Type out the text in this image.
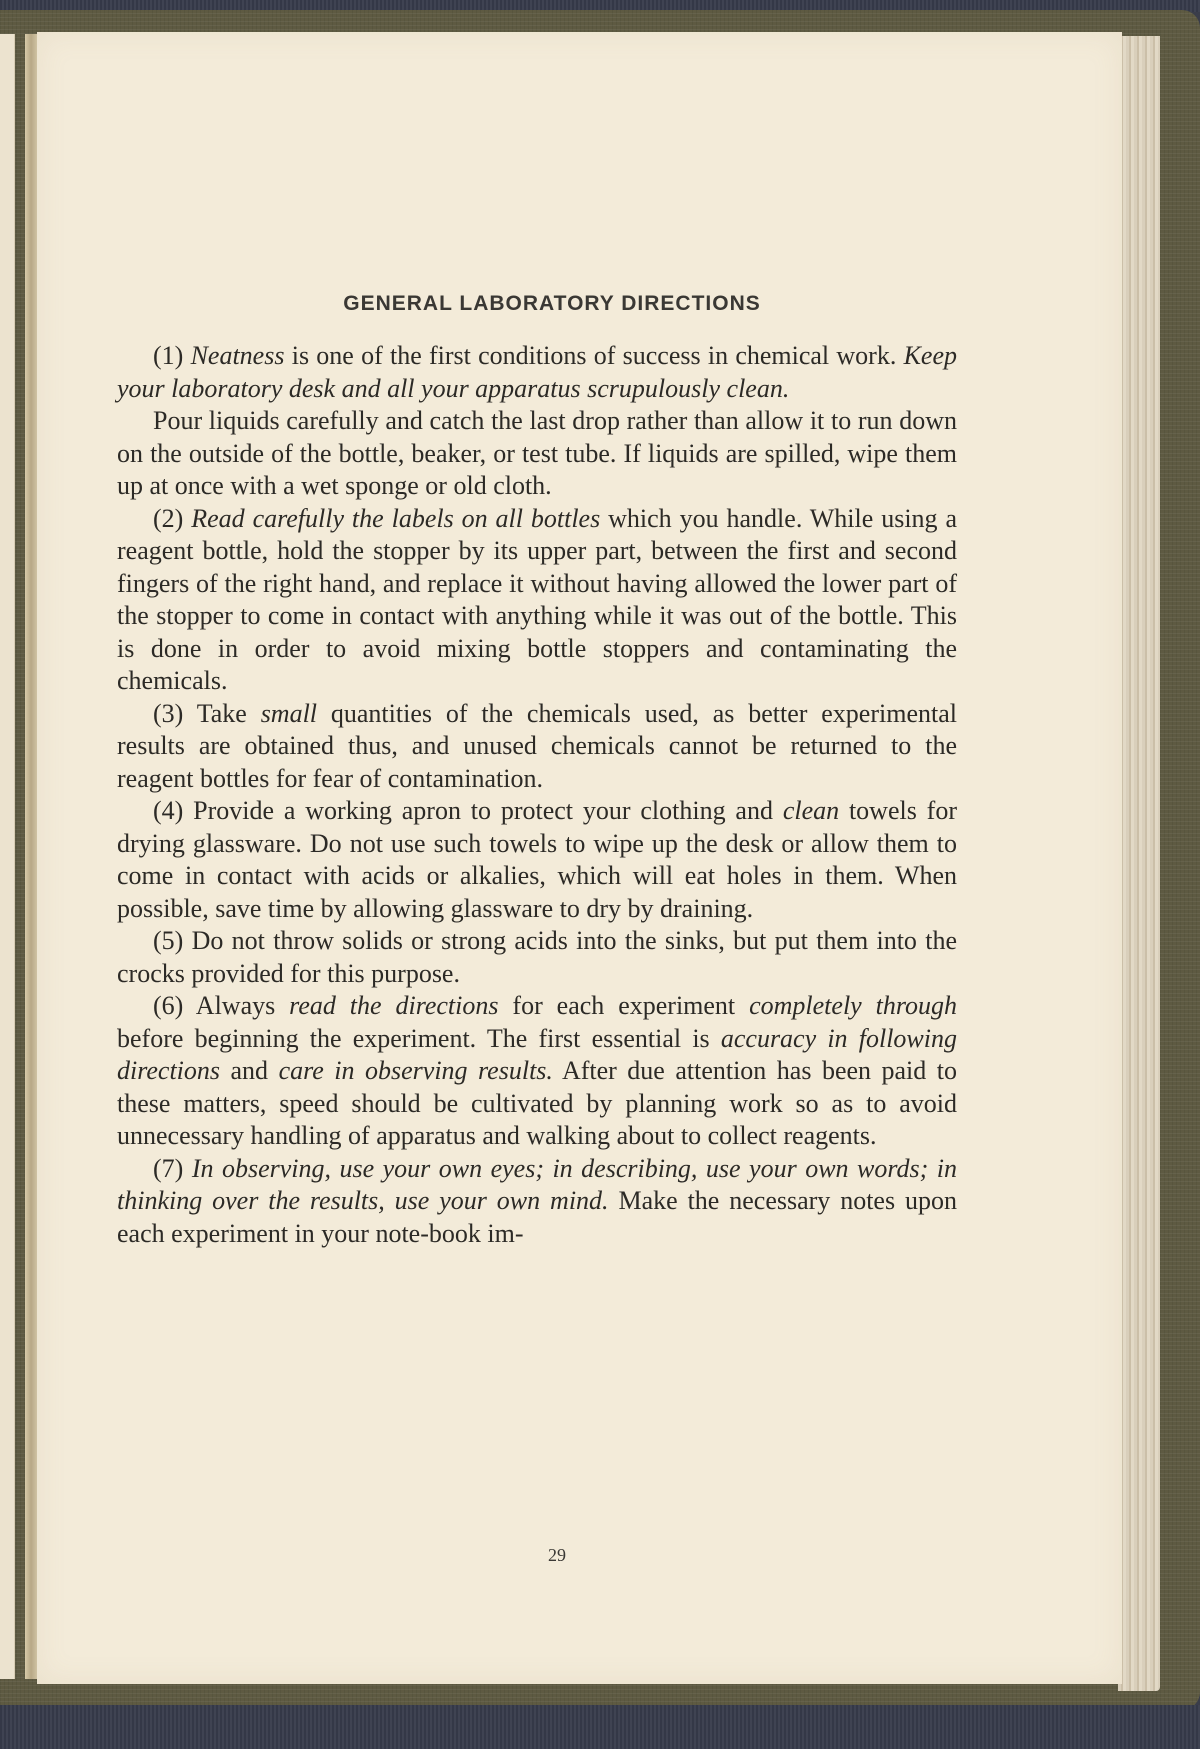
GENERAL LABORATORY DIRECTIONS

(1) Neatness is one of the first conditions of success in chemical work. Keep your laboratory desk and all your apparatus scrupulously clean.

Pour liquids carefully and catch the last drop rather than allow it to run down on the outside of the bottle, beaker, or test tube. If liquids are spilled, wipe them up at once with a wet sponge or old cloth.

(2) Read carefully the labels on all bottles which you handle. While using a reagent bottle, hold the stopper by its upper part, between the first and second fingers of the right hand, and replace it without having allowed the lower part of the stopper to come in contact with anything while it was out of the bottle. This is done in order to avoid mixing bottle stoppers and contaminating the chemicals.

(3) Take small quantities of the chemicals used, as better experimental results are obtained thus, and unused chemicals cannot be returned to the reagent bottles for fear of contamination.

(4) Provide a working apron to protect your clothing and clean towels for drying glassware. Do not use such towels to wipe up the desk or allow them to come in contact with acids or alkalies, which will eat holes in them. When possible, save time by allowing glassware to dry by draining.

(5) Do not throw solids or strong acids into the sinks, but put them into the crocks provided for this purpose.

(6) Always read the directions for each experiment completely through before beginning the experiment. The first essential is accuracy in following directions and care in observing results. After due attention has been paid to these matters, speed should be cultivated by planning work so as to avoid unnecessary handling of apparatus and walking about to collect reagents.

(7) In observing, use your own eyes; in describing, use your own words; in thinking over the results, use your own mind. Make the necessary notes upon each experiment in your note-book im-

29
